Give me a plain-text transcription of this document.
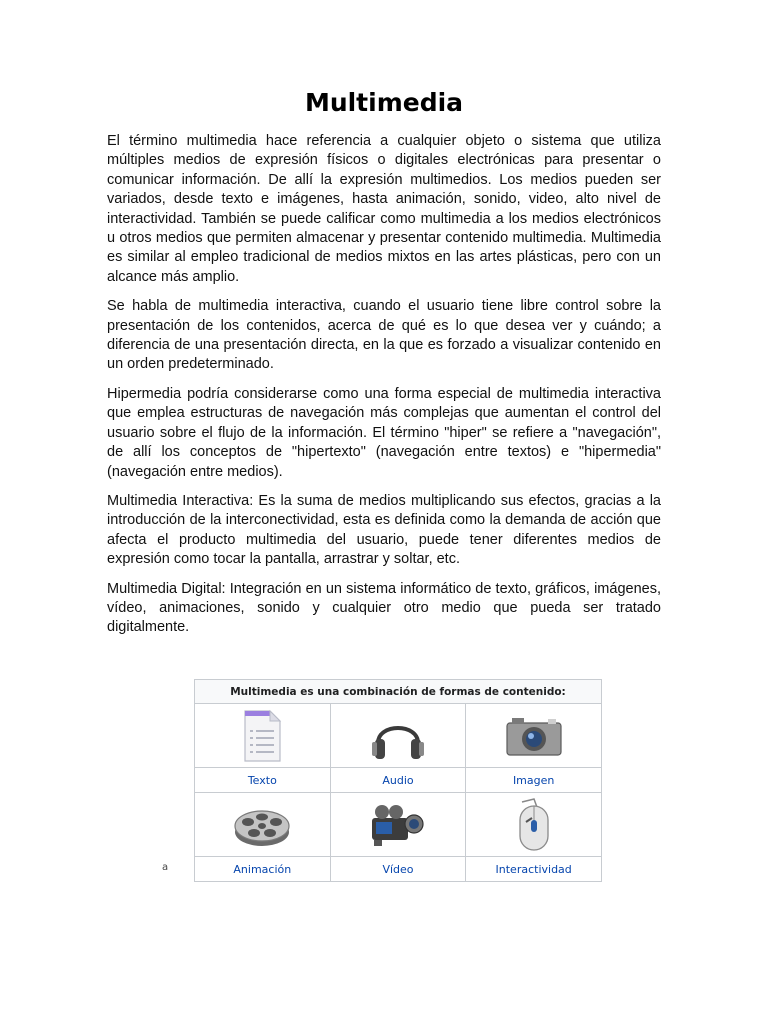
Multimedia

El término multimedia hace referencia a cualquier objeto o sistema que utiliza múltiples medios de expresión físicos o digitales electrónicas para presentar o comunicar información. De allí la expresión multimedios. Los medios pueden ser variados, desde texto e imágenes, hasta animación, sonido, video, alto nivel de interactividad. También se puede calificar como multimedia a los medios electrónicos u otros medios que permiten almacenar y presentar contenido multimedia. Multimedia es similar al empleo tradicional de medios mixtos en las artes plásticas, pero con un alcance más amplio.

Se habla de multimedia interactiva, cuando el usuario tiene libre control sobre la presentación de los contenidos, acerca de qué es lo que desea ver y cuándo; a diferencia de una presentación directa, en la que es forzado a visualizar contenido en un orden predeterminado.

Hipermedia podría considerarse como una forma especial de multimedia interactiva que emplea estructuras de navegación más complejas que aumentan el control del usuario sobre el flujo de la información. El término "hiper" se refiere a "navegación", de allí los conceptos de "hipertexto" (navegación entre textos) e "hipermedia" (navegación entre medios).

Multimedia Interactiva: Es la suma de medios multiplicando sus efectos, gracias a la introducción de la interconectividad, esta es definida como la demanda de acción que afecta el producto multimedia del usuario, puede tener diferentes medios de expresión como tocar la pantalla, arrastrar y soltar, etc.

Multimedia Digital: Integración en un sistema informático de texto, gráficos, imágenes, vídeo, animaciones, sonido y cualquier otro medio que pueda ser tratado digitalmente.

a
Multimedia es una combinación de formas de contenido:		

Texto	Audio	Imagen

Animación	Vídeo	Interactividad
